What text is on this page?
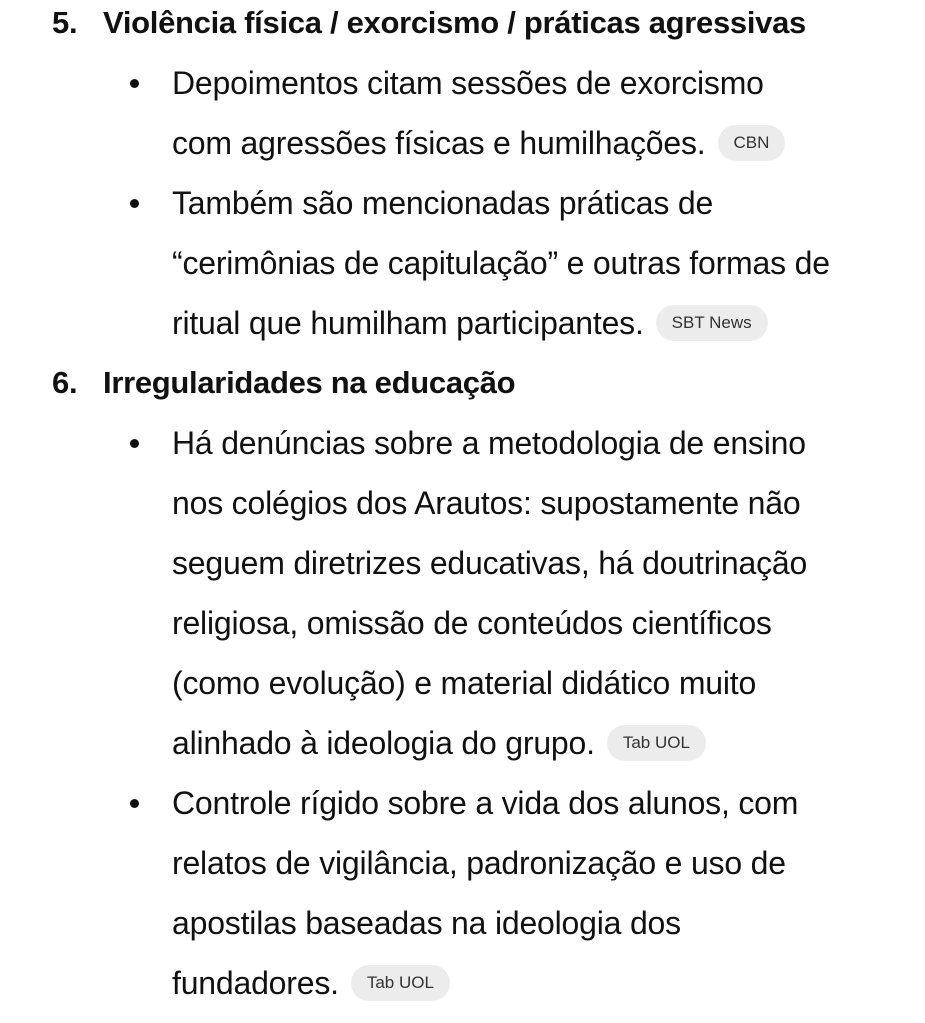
5. Violência física / exorcismo / práticas agressivas
Depoimentos citam sessões de exorcismo
com agressões físicas e humilhações. CBN
Também são mencionadas práticas de
“cerimônias de capitulação” e outras formas de
ritual que humilham participantes. SBT News
6. Irregularidades na educação
Há denúncias sobre a metodologia de ensino
nos colégios dos Arautos: supostamente não
seguem diretrizes educativas, há doutrinação
religiosa, omissão de conteúdos científicos
(como evolução) e material didático muito
alinhado à ideologia do grupo. Tab UOL
Controle rígido sobre a vida dos alunos, com
relatos de vigilância, padronização e uso de
apostilas baseadas na ideologia dos
fundadores. Tab UOL
